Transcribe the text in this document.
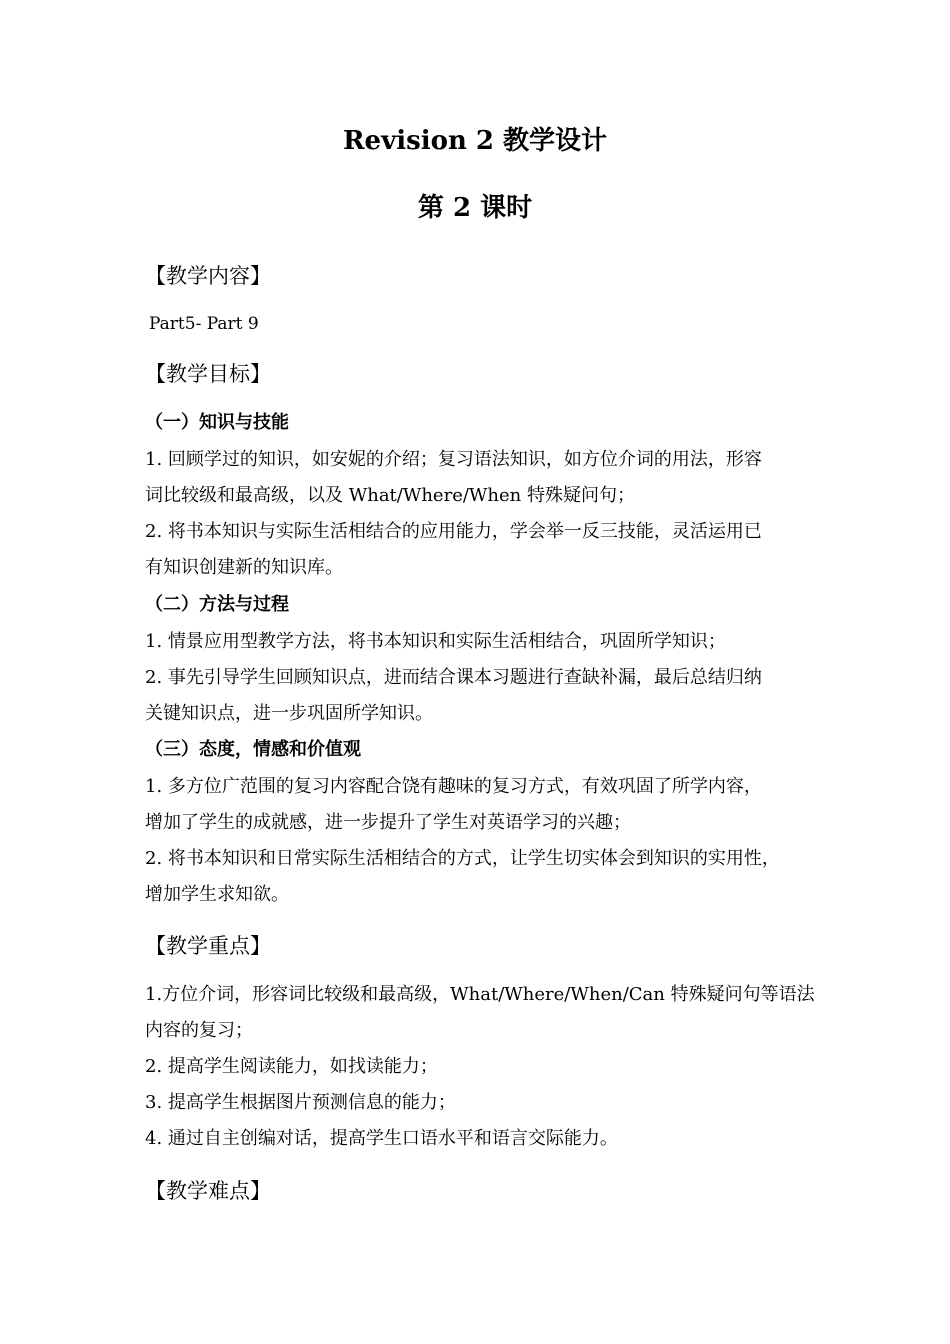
Revision 2 教学设计
第 2 课时
【教学内容】
Part5- Part 9
【教学目标】
（一）知识与技能
1. 回顾学过的知识，如安妮的介绍；复习语法知识，如方位介词的用法，形容
词比较级和最高级，以及 What/Where/When 特殊疑问句；
2. 将书本知识与实际生活相结合的应用能力，学会举一反三技能，灵活运用已
有知识创建新的知识库。
（二）方法与过程
1. 情景应用型教学方法，将书本知识和实际生活相结合，巩固所学知识；
2. 事先引导学生回顾知识点，进而结合课本习题进行查缺补漏，最后总结归纳
关键知识点，进一步巩固所学知识。
（三）态度，情感和价值观
1. 多方位广范围的复习内容配合饶有趣味的复习方式，有效巩固了所学内容，
增加了学生的成就感，进一步提升了学生对英语学习的兴趣；
2. 将书本知识和日常实际生活相结合的方式，让学生切实体会到知识的实用性，
增加学生求知欲。
【教学重点】
1.方位介词，形容词比较级和最高级，What/Where/When/Can 特殊疑问句等语法
内容的复习；
2. 提高学生阅读能力，如找读能力；
3. 提高学生根据图片预测信息的能力；
4. 通过自主创编对话，提高学生口语水平和语言交际能力。
【教学难点】
